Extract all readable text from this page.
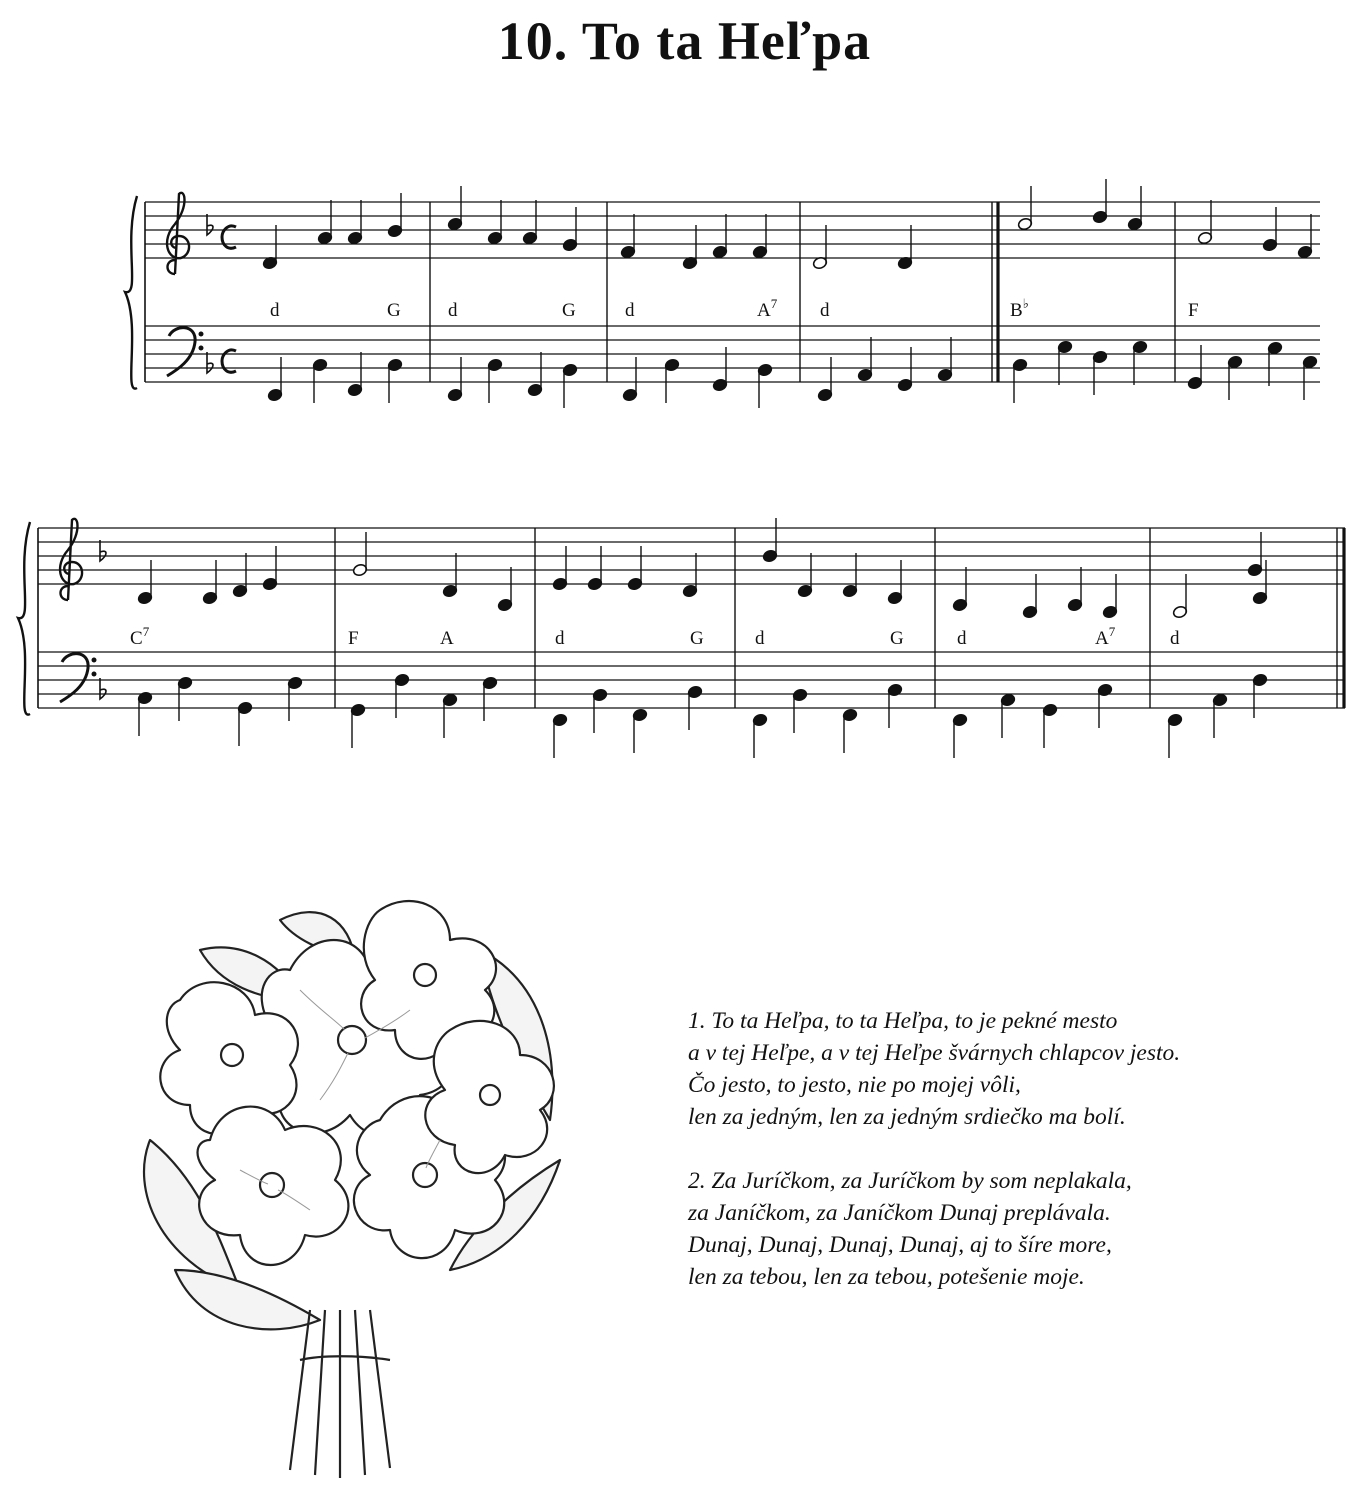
10. To ta Heľpa
d	G d	G	d	$A^7$ d	B♭	F
$C^7$	F	A	d	G	d	G	d	$A^7$	d
1. To ta Heľpa, to ta Heľpa, to je pekné mesto
a v tej Heľpe, a v tej Heľpe švárnych chlapcov jesto.
Čo jesto, to jesto, nie po mojej vôli,
len za jedným, len za jedným srdiečko ma bolí.
2. Za Juríčkom, za Juríčkom by som neplakala,
za Janíčkom, za Janíčkom Dunaj preplávala.
Dunaj, Dunaj, Dunaj, Dunaj, aj to šíre more,
len za tebou, len za tebou, potešenie moje.
